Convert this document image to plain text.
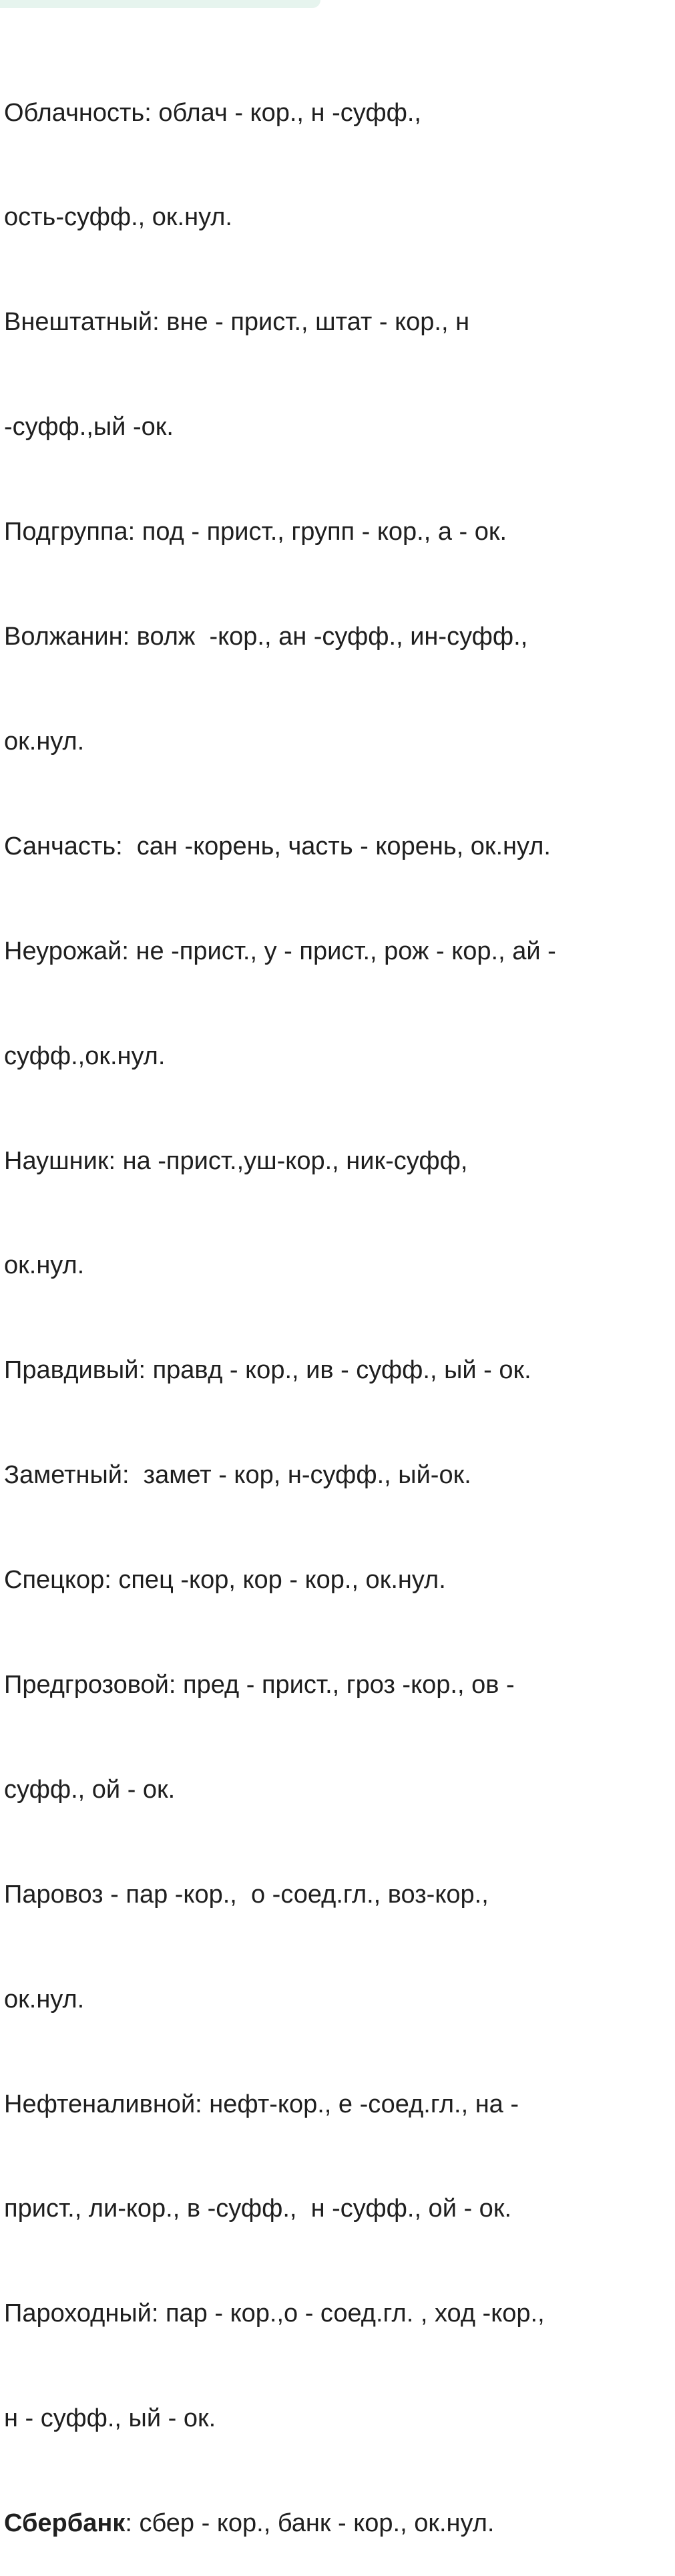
Облачность: облач - кор., н -суфф.,

ость-суфф., ок.нул.

Внештатный: вне - прист., штат - кор., н

-суфф.,ый -ок.

Подгруппа: под - прист., групп - кор., а - ок.

Волжанин: волж  -кор., ан -суфф., ин-суфф.,

ок.нул.

Санчасть:  сан -корень, часть - корень, ок.нул.

Неурожай: не -прист., у - прист., рож - кор., ай -

суфф.,ок.нул.

Наушник: на -прист.,уш-кор., ник-суфф,

ок.нул.

Правдивый: правд - кор., ив - суфф., ый - ок.

Заметный:  замет - кор, н-суфф., ый-ок.

Спецкор: спец -кор, кор - кор., ок.нул.

Предгрозовой: пред - прист., гроз -кор., ов -

суфф., ой - ок.

Паровоз - пар -кор.,  о -соед.гл., воз-кор.,

ок.нул.

Нефтеналивной: нефт-кор., е -соед.гл., на -

прист., ли-кор., в -суфф.,  н -суфф., ой - ок.

Пароходный: пар - кор.,о - соед.гл. , ход -кор.,

н - суфф., ый - ок.

Сбербанк: сбер - кор., банк - кор., ок.нул.
